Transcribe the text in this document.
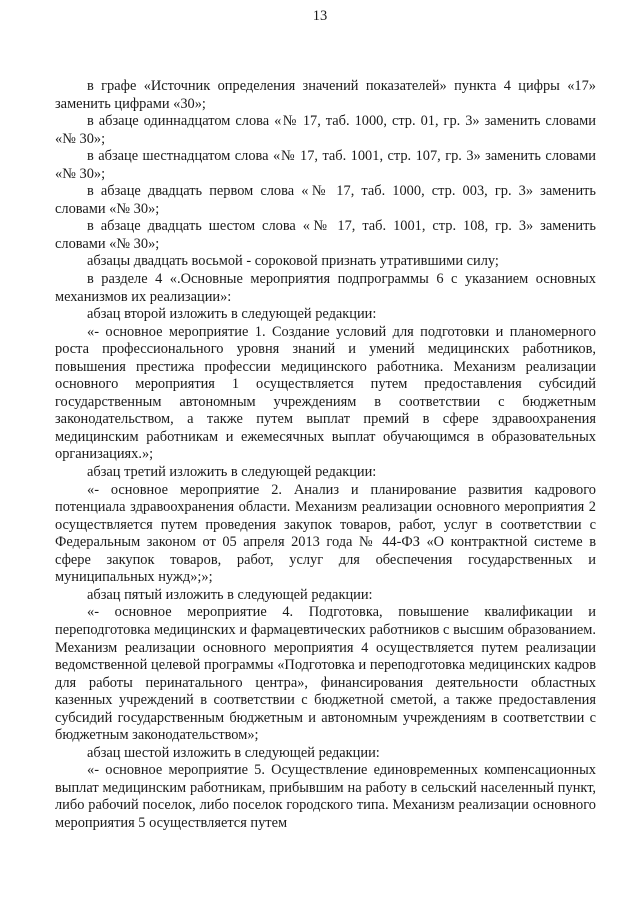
13

в графе «Источник определения значений показателей» пункта 4 цифры «17» заменить цифрами «30»;

в абзаце одиннадцатом слова «№ 17, таб. 1000, стр. 01, гр. 3» заменить словами «№ 30»;

в абзаце шестнадцатом слова «№ 17, таб. 1001, стр. 107, гр. 3» заменить словами «№ 30»;

в абзаце двадцать первом слова «№ 17, таб. 1000, стр. 003, гр. 3» заменить словами «№ 30»;

в абзаце двадцать шестом слова «№ 17, таб. 1001, стр. 108, гр. 3» заменить словами «№ 30»;

абзацы двадцать восьмой - сороковой признать утратившими силу;

в разделе 4 «.Основные мероприятия подпрограммы 6 с указанием основных механизмов их реализации»:

абзац второй изложить в следующей редакции:

«- основное мероприятие 1. Создание условий для подготовки и планомерного роста профессионального уровня знаний и умений медицинских работников, повышения престижа профессии медицинского работника. Механизм реализации основного мероприятия 1 осуществляется путем предоставления субсидий государственным автономным учреждениям в соответствии с бюджетным законодательством, а также путем выплат премий в сфере здравоохранения медицинским работникам и ежемесячных выплат обучающимся в образовательных организациях.»;

абзац третий изложить в следующей редакции:

«- основное мероприятие 2. Анализ и планирование развития кадрового потенциала здравоохранения области. Механизм реализации основного мероприятия 2 осуществляется путем проведения закупок товаров, работ, услуг в соответствии с Федеральным законом от 05 апреля 2013 года № 44-ФЗ «О контрактной системе в сфере закупок товаров, работ, услуг для обеспечения государственных и муниципальных нужд»;»;

абзац пятый изложить в следующей редакции:

«- основное мероприятие 4. Подготовка, повышение квалификации и переподготовка медицинских и фармацевтических работников с высшим образованием. Механизм реализации основного мероприятия 4 осуществляется путем реализации ведомственной целевой программы «Подготовка и переподготовка медицинских кадров для работы перинатального центра», финансирования деятельности областных казенных учреждений в соответствии с бюджетной сметой, а также предоставления субсидий государственным бюджетным и автономным учреждениям в соответствии с бюджетным законодательством»;

абзац шестой изложить в следующей редакции:

«- основное мероприятие 5. Осуществление единовременных компенсационных выплат медицинским работникам, прибывшим на работу в сельский населенный пункт, либо рабочий поселок, либо поселок городского типа. Механизм реализации основного мероприятия 5 осуществляется путем
